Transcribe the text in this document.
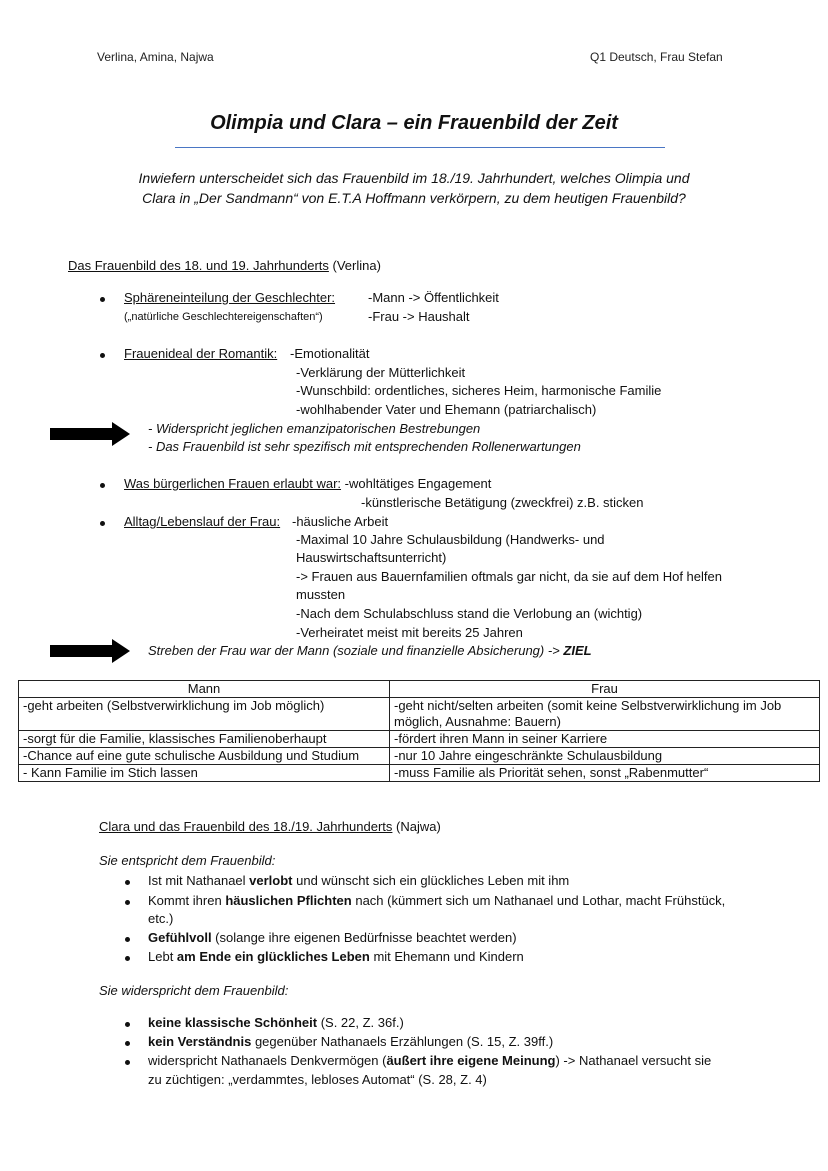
Verlina, Amina, Najwa	Q1 Deutsch, Frau Stefan
Olimpia und Clara – ein Frauenbild der Zeit
Inwiefern unterscheidet sich das Frauenbild im 18./19. Jahrhundert, welches Olimpia und
Clara in „Der Sandmann“ von E.T.A Hoffmann verkörpern, zu dem heutigen Frauenbild?
Das Frauenbild des 18. und 19. Jahrhunderts (Verlina)
Sphäreneinteilung der Geschlechter:
(„natürliche Geschlechtereigenschaften“)
-Mann -> Öffentlichkeit
-Frau -> Haushalt
Frauenideal der Romantik: -Emotionalität
-Verklärung der Mütterlichkeit
-Wunschbild: ordentliches, sicheres Heim, harmonische Familie
-wohlhabender Vater und Ehemann (patriarchalisch)
- Widerspricht jeglichen emanzipatorischen Bestrebungen
- Das Frauenbild ist sehr spezifisch mit entsprechenden Rollenerwartungen
Was bürgerlichen Frauen erlaubt war: -wohltätiges Engagement
-künstlerische Betätigung (zweckfrei) z.B. sticken
Alltag/Lebenslauf der Frau: -häusliche Arbeit
-Maximal 10 Jahre Schulausbildung (Handwerks- und
Hauswirtschaftsunterricht)
-> Frauen aus Bauernfamilien oftmals gar nicht, da sie auf dem Hof helfen
mussten
-Nach dem Schulabschluss stand die Verlobung an (wichtig)
-Verheiratet meist mit bereits 25 Jahren
Streben der Frau war der Mann (soziale und finanzielle Absicherung) -> ZIEL
Mann	Frau
-geht arbeiten (Selbstverwirklichung im Job möglich)	-geht nicht/selten arbeiten (somit keine Selbstverwirklichung im Job möglich, Ausnahme: Bauern)
-sorgt für die Familie, klassisches Familienoberhaupt	-fördert ihren Mann in seiner Karriere
-Chance auf eine gute schulische Ausbildung und Studium	-nur 10 Jahre eingeschränkte Schulausbildung
- Kann Familie im Stich lassen	-muss Familie als Priorität sehen, sonst „Rabenmutter“
Clara und das Frauenbild des 18./19. Jahrhunderts (Najwa)
Sie entspricht dem Frauenbild:
Ist mit Nathanael verlobt und wünscht sich ein glückliches Leben mit ihm
Kommt ihren häuslichen Pflichten nach (kümmert sich um Nathanael und Lothar, macht Frühstück,
etc.)
Gefühlvoll (solange ihre eigenen Bedürfnisse beachtet werden)
Lebt am Ende ein glückliches Leben mit Ehemann und Kindern
Sie widerspricht dem Frauenbild:
keine klassische Schönheit (S. 22, Z. 36f.)
kein Verständnis gegenüber Nathanaels Erzählungen (S. 15, Z. 39ff.)
widerspricht Nathanaels Denkvermögen (äußert ihre eigene Meinung) -> Nathanael versucht sie
zu züchtigen: „verdammtes, lebloses Automat“ (S. 28, Z. 4)
